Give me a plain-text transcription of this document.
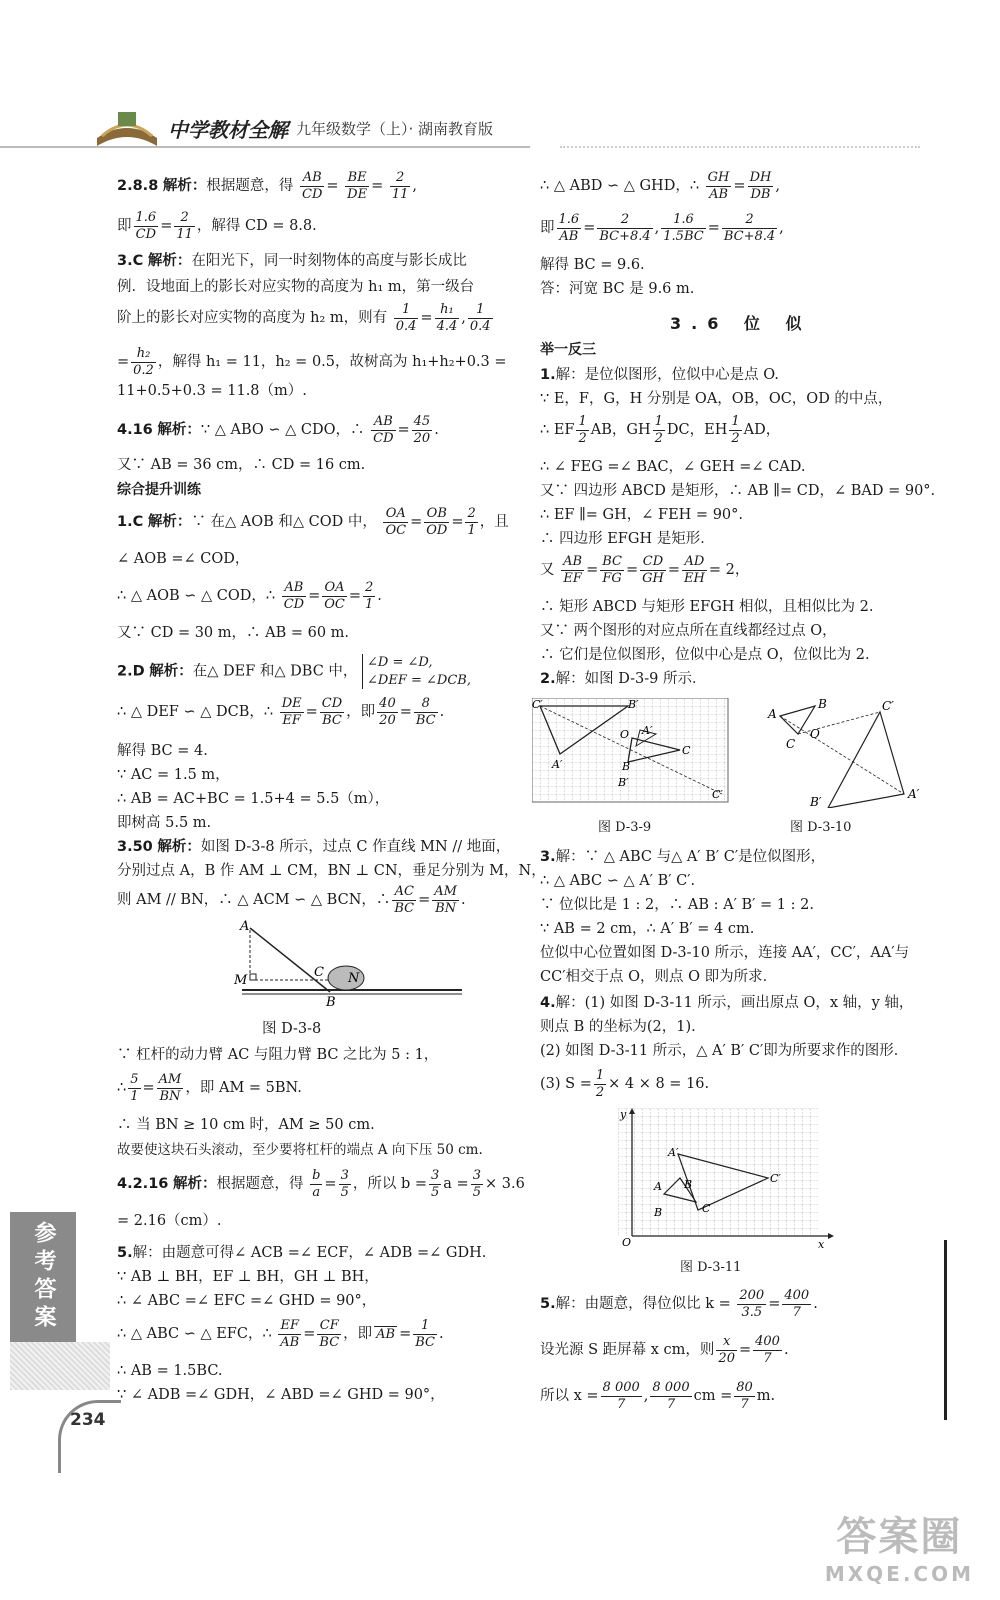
中学教材全解 九年级数学（上）· 湖南教育版
2.8.8 解析：根据题意，得 $\frac{AB}{CD} = \frac{BE}{DE} = \frac{2}{11}$ ,
即 $\frac{1.6}{CD} = \frac{2}{11}$ ，解得 CD = 8.8.
3.C 解析：在阳光下，同一时刻物体的高度与影长成比
例．设地面上的影长对应实物的高度为 h₁ m，第一级台
阶上的影长对应实物的高度为 h₂ m，则有 $\frac{1}{0.4} = \frac{\text{h₁}}{4.4}$ , $\frac{1}{0.4}$
= $\frac{\text{h₂}}{0.2}$ ，解得 h₁ = 11，h₂ = 0.5，故树高为 h₁+h₂+0.3 =
11+0.5+0.3 = 11.8（m）.
4.16 解析：∵ △ ABO ∽ △ CDO，∴ $\frac{AB}{CD} = \frac{45}{20}$ .
又∵ AB = 36 cm，∴ CD = 16 cm.
综合提升训练
1.C 解析：∵ 在△ AOB 和△ COD 中， $\frac{OA}{OC} = \frac{OB}{OD} = \frac{2}{1}$ ，且
∠ AOB =∠ COD，
∴ △ AOB ∽ △ COD，∴ $\frac{AB}{CD} = \frac{OA}{OC} = \frac{2}{1}$ .
又∵ CD = 30 m，∴ AB = 60 m.
2.D 解析：在△ DEF 和△ DBC 中，
∠D = ∠D,
∠DEF = ∠DCB,
∴ △ DEF ∽ △ DCB，∴ $\frac{DE}{EF} = \frac{CD}{BC}$ ，即 $\frac{40}{20} = \frac{8}{BC}$ .
解得 BC = 4.
∵ AC = 1.5 m，
∴ AB = AC+BC = 1.5+4 = 5.5（m），
即树高 5.5 m.
3.50 解析：如图 D-3-8 所示，过点 C 作直线 MN // 地面，
分别过点 A，B 作 AM ⊥ CM，BN ⊥ CN，垂足分别为 M，N，
则 AM // BN，∴ △ ACM ∽ △ BCN，∴ $\frac{AC}{BC} = \frac{AM}{BN}$ .
A
M
C N
B
图 D-3-8
∵ 杠杆的动力臂 AC 与阻力臂 BC 之比为 5 : 1，
∴ $\frac{5}{1} = \frac{AM}{BN}$ ，即 AM = 5BN.
∴ 当 BN ≥ 10 cm 时，AM ≥ 50 cm.
故要使这块石头滚动，至少要将杠杆的端点 A 向下压 50 cm.
4.2.16 解析：根据题意，得 $\frac{b}{a} = \frac{3}{5}$ ，所以 $b = \frac{3}{5}$ $a = \frac{3}{5} \times 3.6$
= 2.16（cm）.
5.解：由题意可得∠ ACB =∠ ECF，∠ ADB =∠ GDH.
∵ AB ⊥ BH，EF ⊥ BH，GH ⊥ BH，
∴ ∠ ABC =∠ EFC =∠ GHD = 90°，
∴ △ ABC ∽ △ EFC，∴ $\frac{EF}{AB} = \frac{CF}{BC}$ ，即 AB = $\frac{1}{BC}$ .
∴ AB = 1.5BC.
∵ ∠ ADB =∠ GDH，∠ ABD =∠ GHD = 90°，
∴ △ ABD ∽ △ GHD，∴ $\frac{GH}{AB} = \frac{DH}{DB}$ ,
即 $\frac{1.6}{AB} = \frac{2}{BC+8.4}$ , $\frac{1.6}{1.5BC} = \frac{2}{BC+8.4}$ ,
解得 BC = 9.6.
答：河宽 BC 是 9.6 m.
3.6 位 似
举一反三
1.解：是位似图形，位似中心是点 O.
∵ E，F，G，H 分别是 OA，OB，OC，OD 的中点，
∴ EF $\frac{1}{2}$ AB，GH $\frac{1}{2}$ DC，EH $\frac{1}{2}$ AD，
∴ ∠ FEG =∠ BAC，∠ GEH =∠ CAD.
又∵ 四边形 ABCD 是矩形，∴ AB ∥= CD，∠ BAD = 90°.
∴ EF ∥= GH，∠ FEH = 90°.
∴ 四边形 EFGH 是矩形．
又 $\frac{AB}{EF} = \frac{BC}{FG} = \frac{CD}{GH} = \frac{AD}{EH} = 2$，
∴ 矩形 ABCD 与矩形 EFGH 相似，且相似比为 2.
又∵ 两个图形的对应点所在直线都经过点 O，
∴ 它们是位似图形，位似中心是点 O，位似比为 2.
2.解：如图 D-3-9 所示．
C′	B′
O A′
A′
C
B
B′
C′
图 D-3-9
A
B
C
O
C′
A′
B′
图 D-3-10
3.解：∵ △ ABC 与△ A′ B′ C′是位似图形，
∴ △ ABC ∽ △ A′ B′ C′.
∵ 位似比是 1 : 2，∴ AB : A′ B′ = 1 : 2.
∵ AB = 2 cm，∴ A′ B′ = 4 cm.
位似中心位置如图 D-3-10 所示，连接 AA′，CC′，AA′与
CC′相交于点 O，则点 O 即为所求．
4.解：(1) 如图 D-3-11 所示，画出原点 O，x 轴，y 轴，
则点 B 的坐标为(2，1).
(2) 如图 D-3-11 所示，△ A′ B′ C′即为所要求作的图形．
(3) $S = \frac{1}{2} \times 4 \times 8 = 16$.
y
x
O
A′
A B
B	C
C′
图 D-3-11
5.解：由题意，得位似比 $k = \frac{200}{3.5} = \frac{400}{7}$ .
设光源 S 距屏幕 x cm，则 $\frac{x}{20} = \frac{400}{7}$ .
所以 $x = \frac{8 000}{7}$ , $\frac{8 000}{7}$ cm = $\frac{80}{7} m$.
参考答案
234
答案圈
MXQE.COM
